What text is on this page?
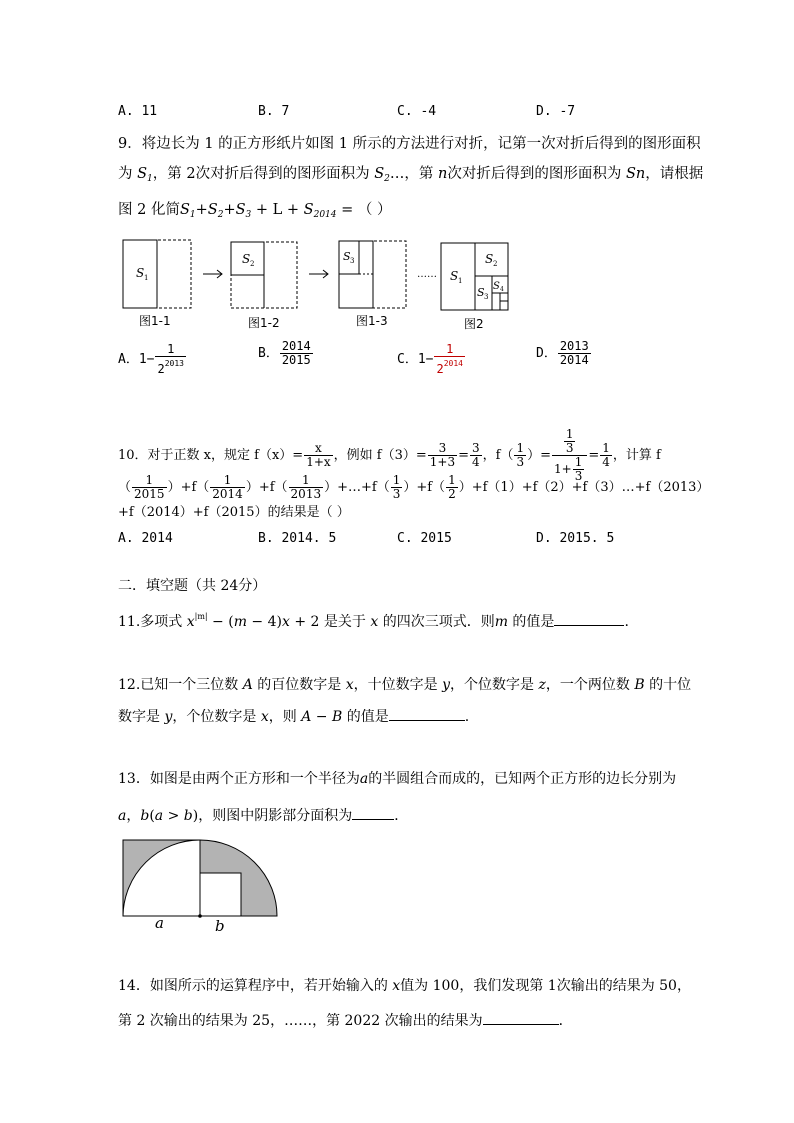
A. 11	B. 7	C. -4	D. -7
9．将边长为 1 的正方形纸片如图 1 所示的方法进行对折，记第一次对折后得到的图形面积
为 $S_1$，第 2次对折后得到的图形面积为 $S_2\dots$，第 n次对折后得到的图形面积为 Sn，请根据
图 2 化简$S_1+S_2+S_3 + L + S_{2014}$ = （ ）
S 1
S 2
S 3
…… S 1
S 2
S 3
S 4
图1-1	图1-2	图1-3	图2
A．$1- \frac{1}{2^{2013}}$	B． $\frac{2014}{2015}$	C．$1- \frac{1}{2^{2014}}$	D． $\frac{2013}{2014}$
10．对于正数 x，规定 $f(x)= \frac{x}{1+x}$ ，例如 $f(3)= \frac{3}{1+3} = \frac{3}{4}$ ，$f( \frac{1}{3}$ ）= $\frac{\frac{1}{3}}{1+ \frac{1}{3}} = \frac{1}{4}$ ，计算 f
（ $\frac{1}{2015} )+f( \frac{1}{2014} )+f( \frac{1}{2013}$ ）+…+f（ $\frac{1}{3} )+f( \frac{1}{2}$ ）+f（1）+f（2）+f（3）…+f（2013）
+f（2014）+f（2015）的结果是（ ）
A. 2014	B. 2014. 5	C. 2015	D. 2015. 5
二．填空题（共 24分）
11.多项式 $x^{|m|} - (m - 4)x + 2$ 是关于 x 的四次三项式．则m 的值是	.
12.已知一个三位数 A 的百位数字是 x，十位数字是 y，个位数字是 z，一个两位数 B 的十位
数字是 y，个位数字是 x，则 A − B 的值是	.
13．如图是由两个正方形和一个半径为a的半圆组合而成的，已知两个正方形的边长分别为
a，b(a > b)，则图中阴影部分面积为	．
a	b
14．如图所示的运算程序中，若开始输入的 x值为 100，我们发现第 1次输出的结果为 50，
第 2 次输出的结果为 25，……，第 2022 次输出的结果为	．
